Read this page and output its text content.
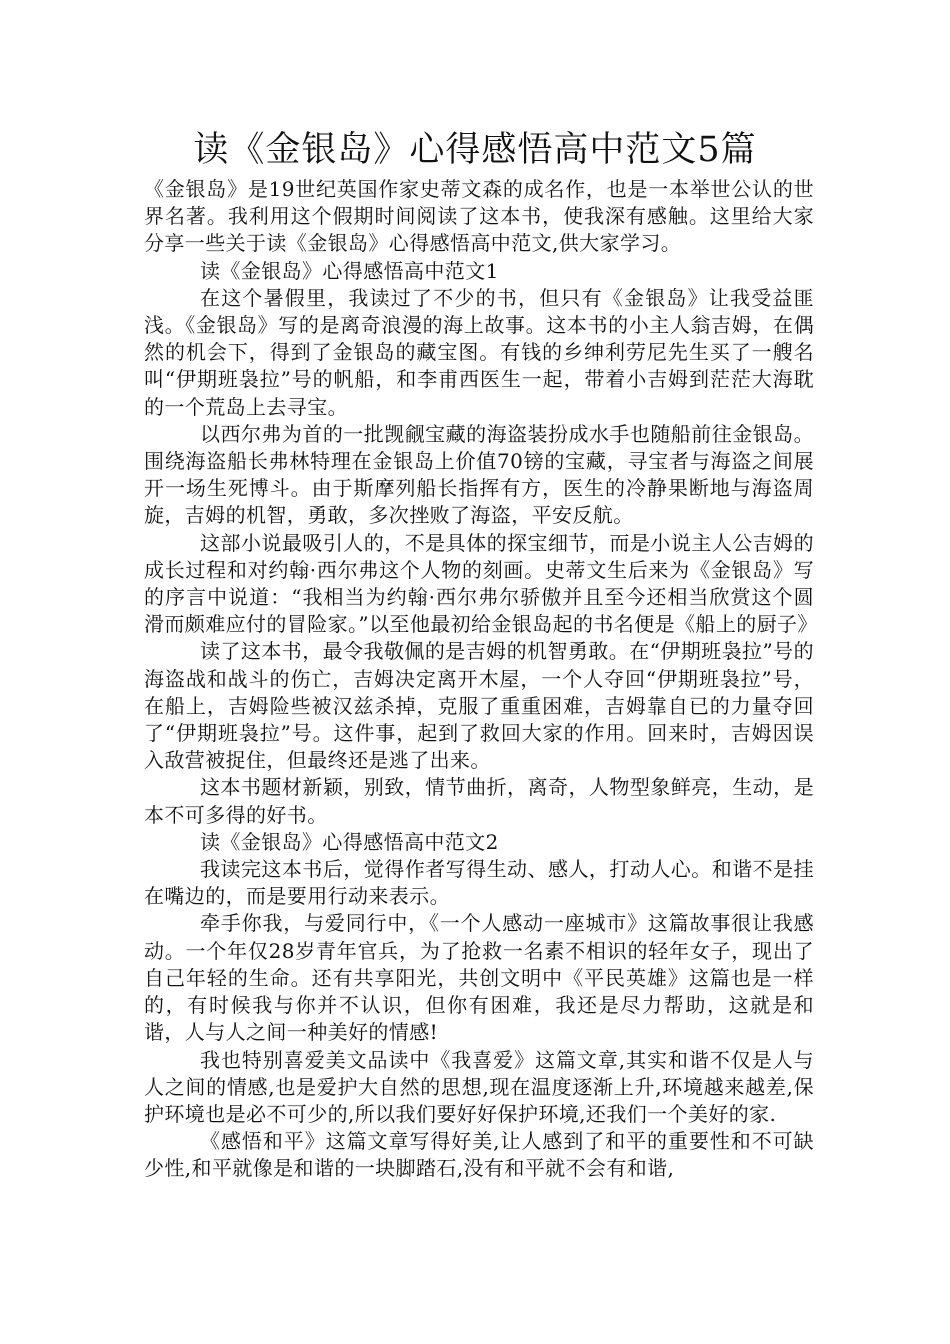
读《金银岛》心得感悟高中范文5篇

《金银岛》是19世纪英国作家史蒂文森的成名作，也是一本举世公认的世界名著。我利用这个假期时间阅读了这本书，使我深有感触。这里给大家分享一些关于读《金银岛》心得感悟高中范文,供大家学习。

读《金银岛》心得感悟高中范文1

在这个暑假里，我读过了不少的书，但只有《金银岛》让我受益匪浅。《金银岛》写的是离奇浪漫的海上故事。这本书的小主人翁吉姆，在偶然的机会下，得到了金银岛的藏宝图。有钱的乡绅利劳尼先生买了一艘名叫“伊期班袅拉”号的帆船，和李甫西医生一起，带着小吉姆到茫茫大海耽的一个荒岛上去寻宝。

以西尔弗为首的一批觊觎宝藏的海盗装扮成水手也随船前往金银岛。围绕海盗船长弗林特理在金银岛上价值70镑的宝藏，寻宝者与海盗之间展开一场生死博斗。由于斯摩列船长指挥有方，医生的冷静果断地与海盗周旋，吉姆的机智，勇敢，多次挫败了海盗，平安反航。

这部小说最吸引人的，不是具体的探宝细节，而是小说主人公吉姆的成长过程和对约翰·西尔弗这个人物的刻画。史蒂文生后来为《金银岛》写的序言中说道：“我相当为约翰·西尔弗尔骄傲并且至今还相当欣赏这个圆滑而颇难应付的冒险家。”以至他最初给金银岛起的书名便是《船上的厨子》

读了这本书，最令我敬佩的是吉姆的机智勇敢。在“伊期班袅拉”号的海盗战和战斗的伤亡，吉姆决定离开木屋，一个人夺回“伊期班袅拉”号，在船上，吉姆险些被汉兹杀掉，克服了重重困难，吉姆靠自已的力量夺回了“伊期班袅拉”号。这件事，起到了救回大家的作用。回来时，吉姆因误入敌营被捉住，但最终还是逃了出来。

这本书题材新颖，别致，情节曲折，离奇，人物型象鲜亮，生动，是本不可多得的好书。

读《金银岛》心得感悟高中范文2

我读完这本书后，觉得作者写得生动、感人，打动人心。和谐不是挂在嘴边的，而是要用行动来表示。

牵手你我，与爱同行中，《一个人感动一座城市》这篇故事很让我感动。一个年仅28岁青年官兵，为了抢救一名素不相识的轻年女子，现出了自己年轻的生命。还有共享阳光，共创文明中《平民英雄》这篇也是一样的，有时候我与你并不认识，但你有困难，我还是尽力帮助，这就是和谐，人与人之间一种美好的情感!

我也特别喜爱美文品读中《我喜爱》这篇文章,其实和谐不仅是人与人之间的情感,也是爱护大自然的思想,现在温度逐渐上升,环境越来越差,保护环境也是必不可少的,所以我们要好好保护环境,还我们一个美好的家.

《感悟和平》这篇文章写得好美,让人感到了和平的重要性和不可缺少性,和平就像是和谐的一块脚踏石,没有和平就不会有和谐,
